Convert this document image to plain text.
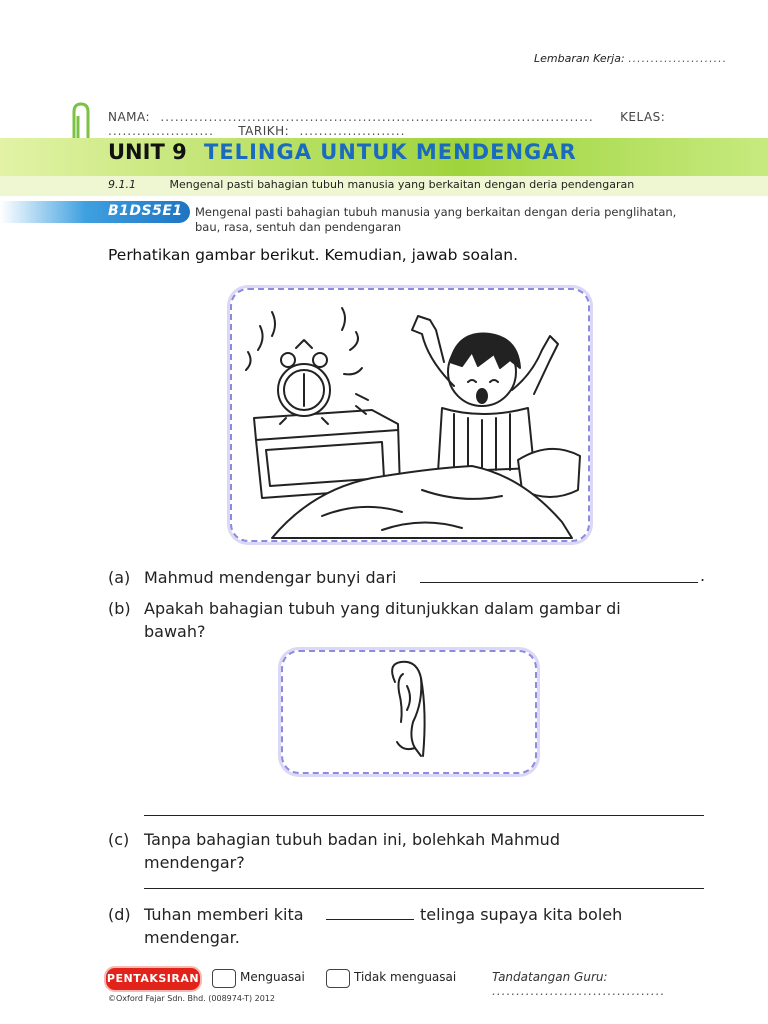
Lembaran Kerja: ......................
NAMA: .......................................................................................... KELAS: ...................... TARIKH: ......................
UNIT 9 TELINGA UNTUK MENDENGAR
9.1.1	Mengenal pasti bahagian tubuh manusia yang berkaitan dengan deria pendengaran
B1DS5E1 Mengenal pasti bahagian tubuh manusia yang berkaitan dengan deria penglihatan,
bau, rasa, sentuh dan pendengaran
Perhatikan gambar berikut. Kemudian, jawab soalan.
(a) Mahmud mendengar bunyi dari	.
(b) Apakah bahagian tubuh yang ditunjukkan dalam gambar di
bawah?
(c) Tanpa bahagian tubuh badan ini, bolehkah Mahmud
mendengar?
(d) Tuhan memberi kita	telinga supaya kita boleh
mendengar.
PENTAKSIRAN	Menguasai	Tidak menguasai	Tandatangan Guru: ....................................
©Oxford Fajar Sdn. Bhd. (008974-T) 2012
